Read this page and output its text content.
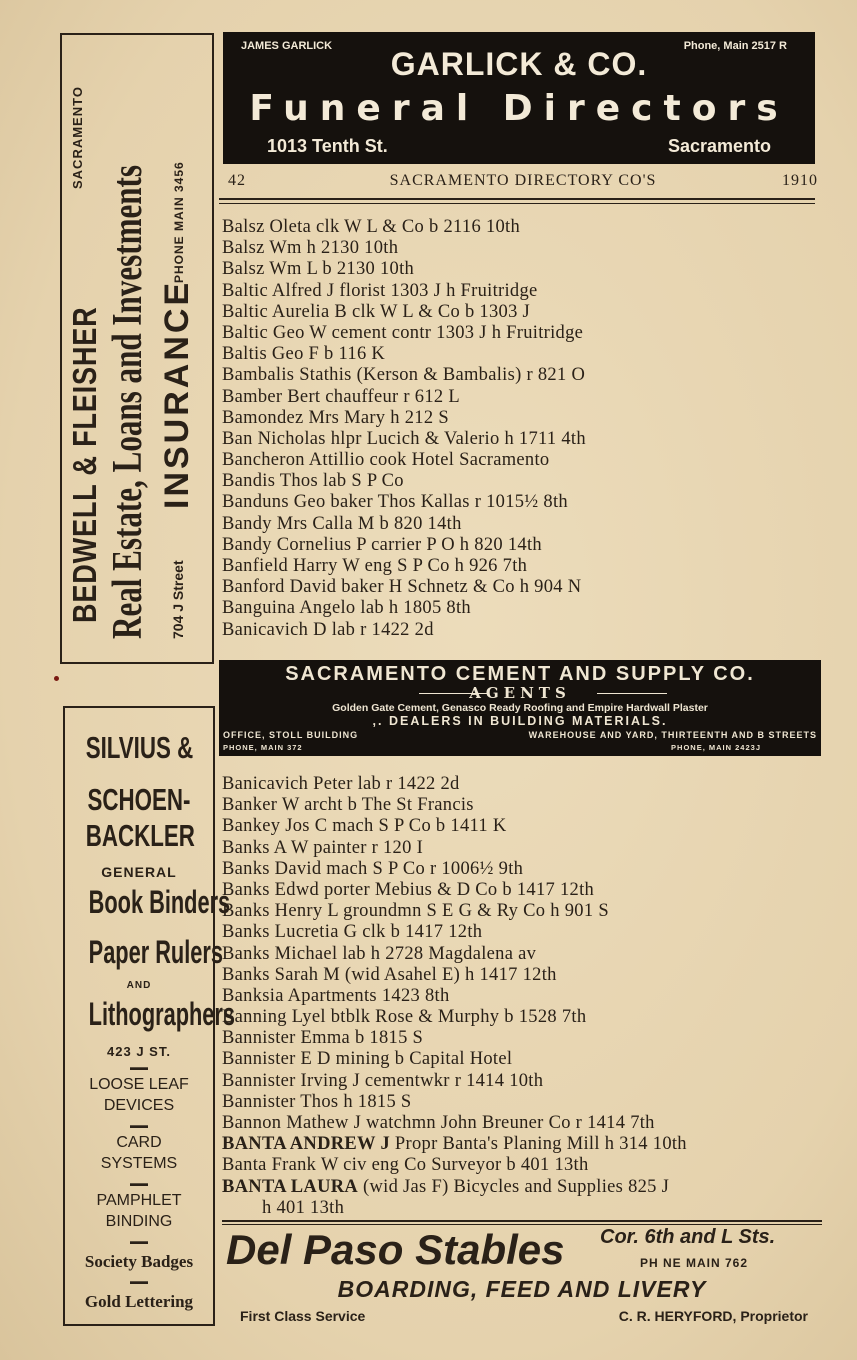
BEDWELL & FLEISHER
SACRAMENTO
Real Estate, Loans and Investments 704 J Street
INSURANCE
PHONE MAIN 3456
JAMES GARLICK	Phone, Main 2517 R
GARLICK & CO.
Funeral Directors
1013 Tenth St.	Sacramento
42	SACRAMENTO DIRECTORY CO'S	1910
Balsz Oleta clk W L & Co b 2116 10th
Balsz Wm h 2130 10th
Balsz Wm L b 2130 10th
Baltic Alfred J florist 1303 J h Fruitridge
Baltic Aurelia B clk W L & Co b 1303 J
Baltic Geo W cement contr 1303 J h Fruitridge
Baltis Geo F b 116 K
Bambalis Stathis (Kerson & Bambalis) r 821 O
Bamber Bert chauffeur r 612 L
Bamondez Mrs Mary h 212 S
Ban Nicholas hlpr Lucich & Valerio h 1711 4th
Bancheron Attillio cook Hotel Sacramento
Bandis Thos lab S P Co
Banduns Geo baker Thos Kallas r 1015½ 8th
Bandy Mrs Calla M b 820 14th
Bandy Cornelius P carrier P O h 820 14th
Banfield Harry W eng S P Co h 926 7th
Banford David baker H Schnetz & Co h 904 N
Banguina Angelo lab h 1805 8th
Banicavich D lab r 1422 2d
SACRAMENTO CEMENT AND SUPPLY CO.
AGENTS
Golden Gate Cement, Genasco Ready Roofing and Empire Hardwall Plaster
,. DEALERS IN BUILDING MATERIALS.
OFFICE, STOLL BUILDING	WAREHOUSE AND YARD, THIRTEENTH AND B STREETS
PHONE, MAIN 372	PHONE, MAIN 2423J
Banicavich Peter lab r 1422 2d
Banker W archt b The St Francis
Bankey Jos C mach S P Co b 1411 K
Banks A W painter r 120 I
Banks David mach S P Co r 1006½ 9th
Banks Edwd porter Mebius & D Co b 1417 12th
Banks Henry L groundmn S E G & Ry Co h 901 S
Banks Lucretia G clk b 1417 12th
Banks Michael lab h 2728 Magdalena av
Banks Sarah M (wid Asahel E) h 1417 12th
Banksia Apartments 1423 8th
Banning Lyel btblk Rose & Murphy b 1528 7th
Bannister Emma b 1815 S
Bannister E D mining b Capital Hotel
Bannister Irving J cementwkr r 1414 10th
Bannister Thos h 1815 S
Bannon Mathew J watchmn John Breuner Co r 1414 7th
BANTA ANDREW J Propr Banta's Planing Mill h 314 10th
Banta Frank W civ eng Co Surveyor b 401 13th
BANTA LAURA (wid Jas F) Bicycles and Supplies 825 J
h 401 13th
SILVIUS &
SCHOEN-
BACKLER
GENERAL
Book Binders
Paper Rulers
AND
Lithographers
423 J ST.
▬▬
LOOSE LEAF
DEVICES
▬▬
CARD
SYSTEMS
▬▬
PAMPHLET
BINDING
▬▬
Society Badges
▬▬
Gold Lettering
Del Paso Stables Cor. 6th and L Sts.
PH NE MAIN 762
BOARDING, FEED AND LIVERY
First Class Service	C. R. HERYFORD, Proprietor
